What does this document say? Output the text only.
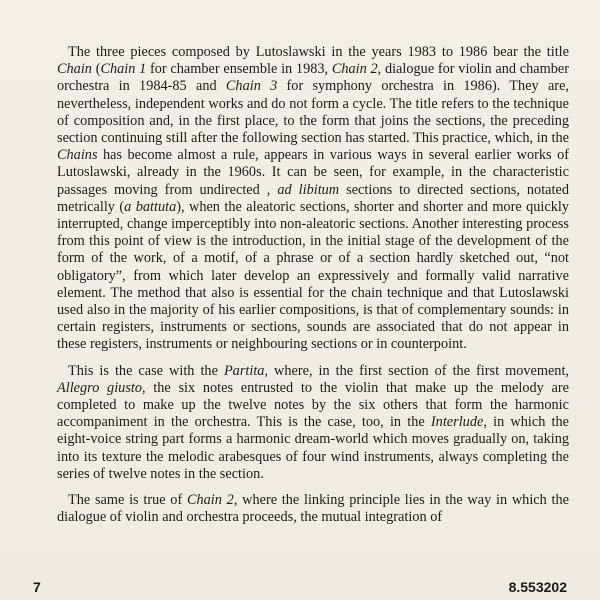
The three pieces composed by Lutoslawski in the years 1983 to 1986 bear the title Chain (Chain 1 for chamber ensemble in 1983, Chain 2, dialogue for violin and chamber orchestra in 1984-85 and Chain 3 for symphony orchestra in 1986). They are, nevertheless, independent works and do not form a cycle. The title refers to the technique of composition and, in the first place, to the form that joins the sections, the preceding section continuing still after the following section has started. This practice, which, in the Chains has become almost a rule, appears in various ways in several earlier works of Lutoslawski, already in the 1960s. It can be seen, for example, in the characteristic passages moving from undirected , ad libitum sections to directed sections, notated metrically (a battuta), when the aleatoric sections, shorter and shorter and more quickly interrupted, change imperceptibly into non-aleatoric sections. Another interesting process from this point of view is the introduction, in the initial stage of the development of the form of the work, of a motif, of a phrase or of a section hardly sketched out, “not obligatory”, from which later develop an expressively and formally valid narrative element. The method that also is essential for the chain technique and that Lutoslawski used also in the majority of his earlier compositions, is that of complementary sounds: in certain registers, instruments or sections, sounds are associated that do not appear in these registers, instruments or neighbouring sections or in counterpoint.

This is the case with the Partita, where, in the first section of the first movement, Allegro giusto, the six notes entrusted to the violin that make up the melody are completed to make up the twelve notes by the six others that form the harmonic accompaniment in the orchestra. This is the case, too, in the Interlude, in which the eight-voice string part forms a harmonic dream-world which moves gradually on, taking into its texture the melodic arabesques of four wind instruments, always completing the series of twelve notes in the section.

The same is true of Chain 2, where the linking principle lies in the way in which the dialogue of violin and orchestra proceeds, the mutual integration of

7	8.553202
